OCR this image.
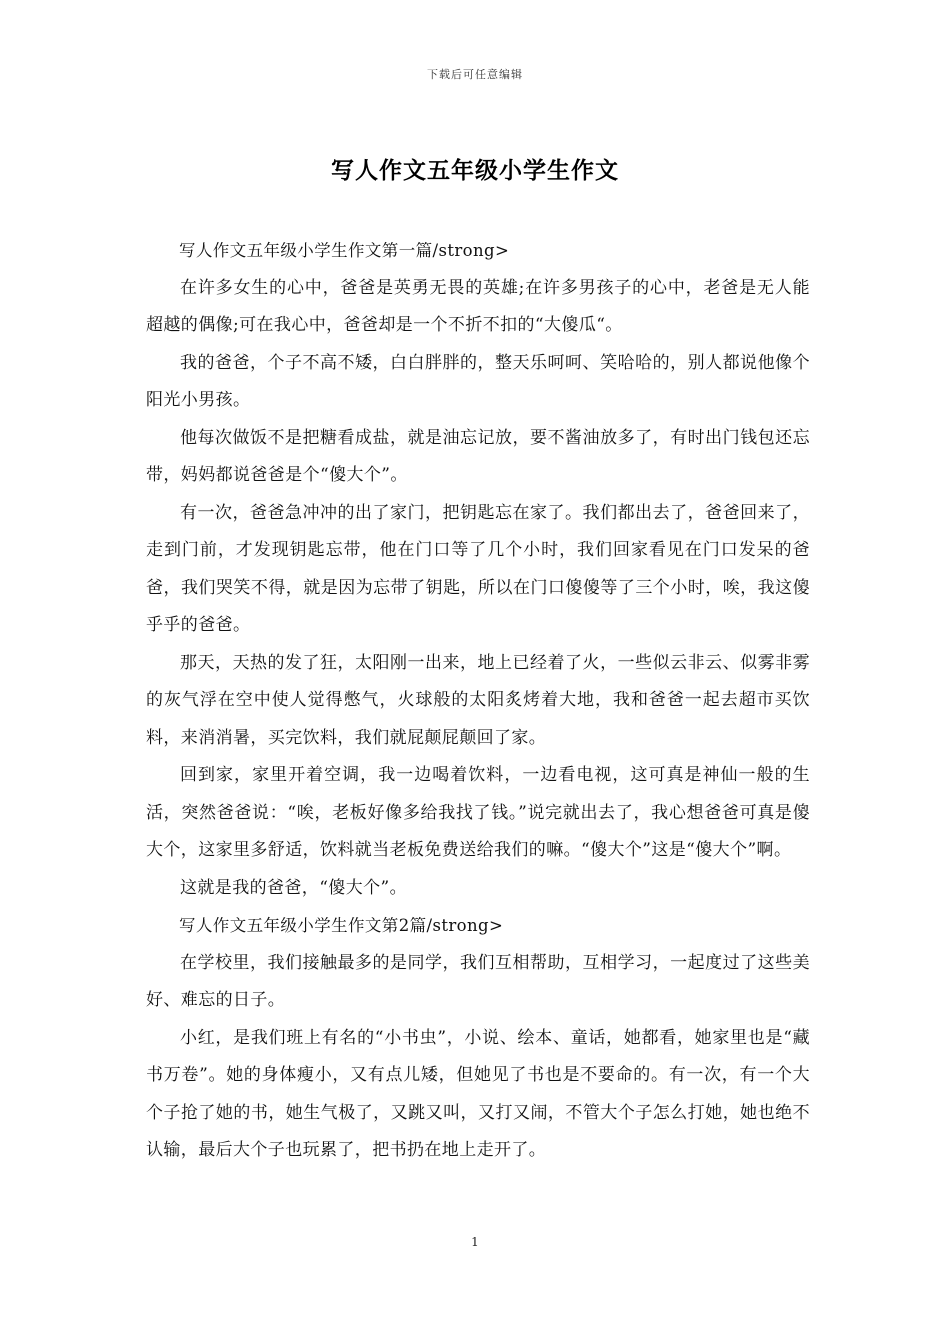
下载后可任意编辑
写人作文五年级小学生作文

写人作文五年级小学生作文第一篇/strong>

在许多女生的心中，爸爸是英勇无畏的英雄;在许多男孩子的心中，老爸是无人能超越的偶像;可在我心中，爸爸却是一个不折不扣的“大傻瓜“。

我的爸爸，个子不高不矮，白白胖胖的，整天乐呵呵、笑哈哈的，别人都说他像个阳光小男孩。

他每次做饭不是把糖看成盐，就是油忘记放，要不酱油放多了，有时出门钱包还忘带，妈妈都说爸爸是个“傻大个”。

有一次，爸爸急冲冲的出了家门，把钥匙忘在家了。我们都出去了，爸爸回来了，走到门前，才发现钥匙忘带，他在门口等了几个小时，我们回家看见在门口发呆的爸爸，我们哭笑不得，就是因为忘带了钥匙，所以在门口傻傻等了三个小时，唉，我这傻乎乎的爸爸。

那天，天热的发了狂，太阳刚一出来，地上已经着了火，一些似云非云、似雾非雾的灰气浮在空中使人觉得憋气，火球般的太阳炙烤着大地，我和爸爸一起去超市买饮料，来消消暑，买完饮料，我们就屁颠屁颠回了家。

回到家，家里开着空调，我一边喝着饮料，一边看电视，这可真是神仙一般的生活，突然爸爸说：“唉，老板好像多给我找了钱。”说完就出去了，我心想爸爸可真是傻大个，这家里多舒适，饮料就当老板免费送给我们的嘛。“傻大个”这是“傻大个”啊。

这就是我的爸爸，“傻大个”。

写人作文五年级小学生作文第2篇/strong>

在学校里，我们接触最多的是同学，我们互相帮助，互相学习，一起度过了这些美好、难忘的日子。

小红，是我们班上有名的“小书虫”，小说、绘本、童话，她都看，她家里也是“藏书万卷”。她的身体瘦小，又有点儿矮，但她见了书也是不要命的。有一次，有一个大个子抢了她的书，她生气极了，又跳又叫，又打又闹，不管大个子怎么打她，她也绝不认输，最后大个子也玩累了，把书扔在地上走开了。

1
